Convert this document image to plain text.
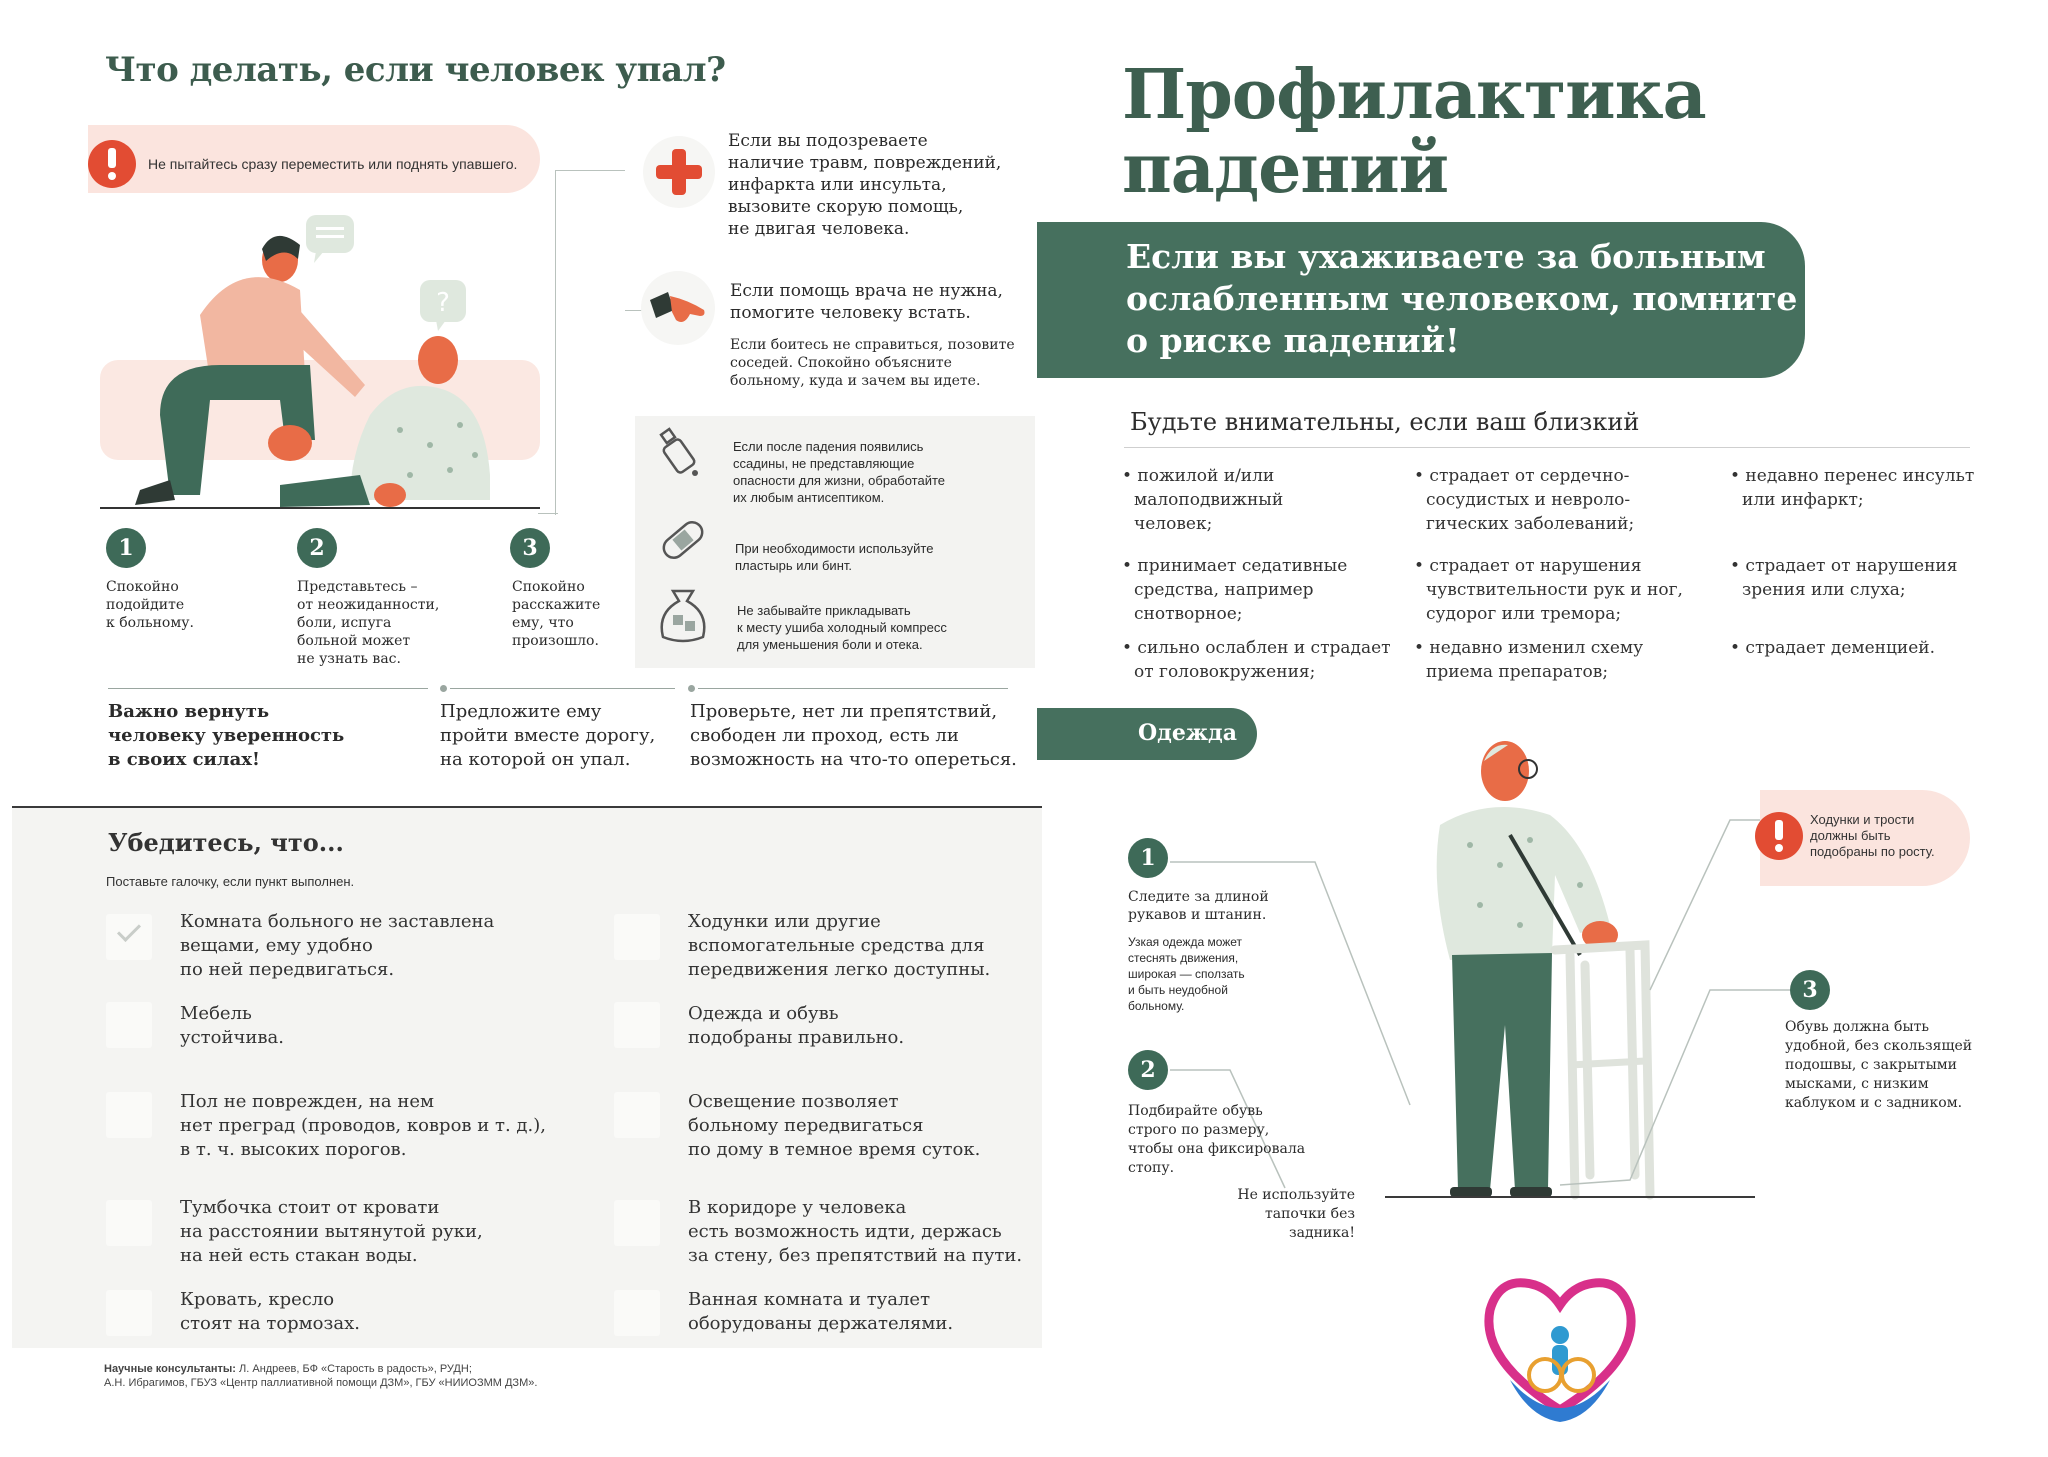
Что делать, если человек упал?
Не пытайтесь сразу переместить или поднять упавшего.
?
Если вы подозреваете
наличие травм, повреждений,
инфаркта или инсульта,
вызовите скорую помощь,
не двигая человека.
Если помощь врача не нужна,
помогите человеку встать.
Если боитесь не справиться, позовите
соседей. Спокойно объясните
больному, куда и зачем вы идете.
Если после падения появились
ссадины, не представляющие
опасности для жизни, обработайте
их любым антисептиком.
При необходимости используйте
пластырь или бинт.
Не забывайте прикладывать
к месту ушиба холодный компресс
для уменьшения боли и отека.
1
Спокойно
подойдите
к больному.
2
Представьтесь –
от неожиданности,
боли, испуга
больной может
не узнать вас.
3
Спокойно
расскажите
ему, что
произошло.
Важно вернуть
человеку уверенность
в своих силах!
Предложите ему
пройти вместе дорогу,
на которой он упал.
Проверьте, нет ли препятствий,
свободен ли проход, есть ли
возможность на что-то опереться.
Убедитесь, что...
Поставьте галочку, если пункт выполнен.
Комната больного не заставлена
вещами, ему удобно
по ней передвигаться.
Мебель
устойчива.
Пол не поврежден, на нем
нет преград (проводов, ковров и т. д.),
в т. ч. высоких порогов.
Тумбочка стоит от кровати
на расстоянии вытянутой руки,
на ней есть стакан воды.
Кровать, кресло
стоят на тормозах.
Ходунки или другие
вспомогательные средства для
передвижения легко доступны.
Одежда и обувь
подобраны правильно.
Освещение позволяет
больному передвигаться
по дому в темное время суток.
В коридоре у человека
есть возможность идти, держась
за стену, без препятствий на пути.
Ванная комната и туалет
оборудованы держателями.
Научные консультанты: Л. Андреев, БФ «Старость в радость», РУДН;
А.Н. Ибрагимов, ГБУЗ «Центр паллиативной помощи ДЗМ», ГБУ «НИИОЗММ ДЗМ».
Профилактика
падений
Если вы ухаживаете за больным
ослабленным человеком, помните
о риске падений!
Будьте внимательны, если ваш близкий
• пожилой и/или
малоподвижный
человек;
• принимает седативные
средства, например
снотворное;
• сильно ослаблен и страдает
от головокружения;
• страдает от сердечно-
сосудистых и невроло-
гических заболеваний;
• страдает от нарушения
чувствительности рук и ног,
судорог или тремора;
• недавно изменил схему
приема препаратов;
• недавно перенес инсульт
или инфаркт;
• страдает от нарушения
зрения или слуха;
• страдает деменцией.
Одежда
1
Следите за длиной
рукавов и штанин.
Узкая одежда может
стеснять движения,
широкая — сползать
и быть неудобной
больному.
2
Подбирайте обувь
строго по размеру,
чтобы она фиксировала
стопу.
Не используйте
тапочки без задника!
3
Обувь должна быть
удобной, без скользящей
подошвы, с закрытыми
мысками, с низким
каблуком и с задником.
Ходунки и трости
должны быть
подобраны по росту.
